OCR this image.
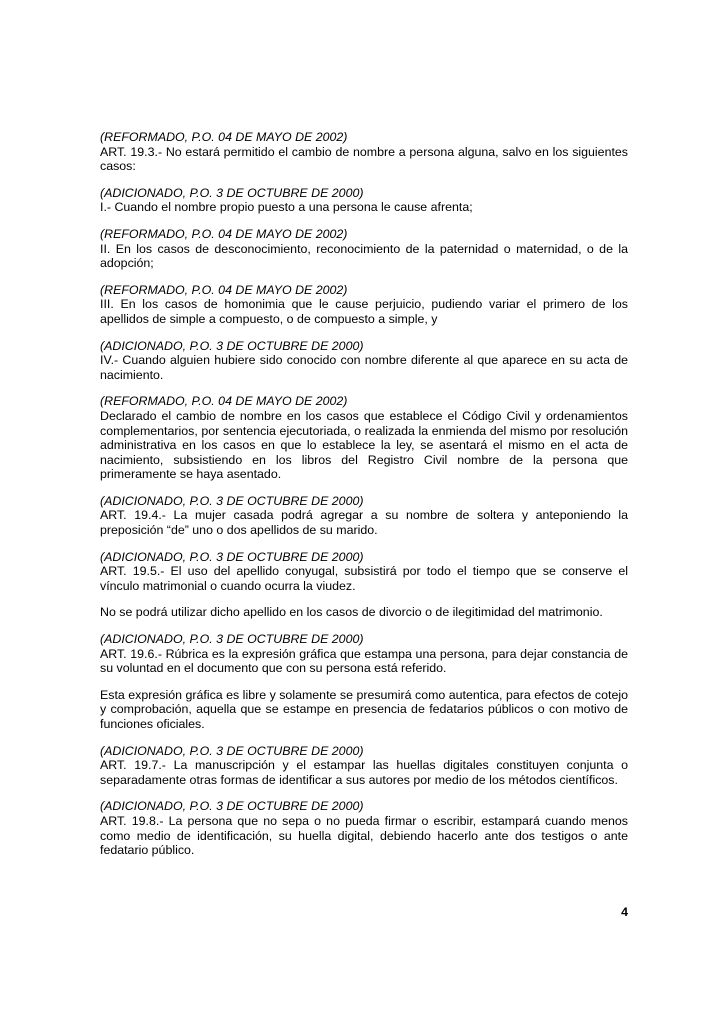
(REFORMADO, P.O. 04 DE MAYO DE 2002)
ART. 19.3.- No estará permitido el cambio de nombre a persona alguna, salvo en los siguientes casos:
(ADICIONADO, P.O. 3 DE OCTUBRE DE 2000)
I.- Cuando el nombre propio puesto a una persona le cause afrenta;
(REFORMADO, P.O. 04 DE MAYO DE 2002)
II. En los casos de desconocimiento, reconocimiento de la paternidad o maternidad, o de la adopción;
(REFORMADO, P.O. 04 DE MAYO DE 2002)
III. En los casos de homonimia que le cause perjuicio, pudiendo variar el primero de los apellidos de simple a compuesto, o de compuesto a simple, y
(ADICIONADO, P.O. 3 DE OCTUBRE DE 2000)
IV.- Cuando alguien hubiere sido conocido con nombre diferente al que aparece en su acta de nacimiento.
(REFORMADO, P.O. 04 DE MAYO DE 2002)
Declarado el cambio de nombre en los casos que establece el Código Civil y ordenamientos complementarios, por sentencia ejecutoriada, o realizada la enmienda del mismo por resolución administrativa en los casos en que lo establece la ley, se asentará el mismo en el acta de nacimiento, subsistiendo en los libros del Registro Civil nombre de la persona que primeramente se haya asentado.
(ADICIONADO, P.O. 3 DE OCTUBRE DE 2000)
ART. 19.4.- La mujer casada podrá agregar a su nombre de soltera y anteponiendo la preposición “de” uno o dos apellidos de su marido.
(ADICIONADO, P.O. 3 DE OCTUBRE DE 2000)
ART. 19.5.- El uso del apellido conyugal, subsistirá por todo el tiempo que se conserve el vínculo matrimonial o cuando ocurra la viudez.
No se podrá utilizar dicho apellido en los casos de divorcio o de ilegitimidad del matrimonio.
(ADICIONADO, P.O. 3 DE OCTUBRE DE 2000)
ART. 19.6.- Rúbrica es la expresión gráfica que estampa una persona, para dejar constancia de su voluntad en el documento que con su persona está referido.
Esta expresión gráfica es libre y solamente se presumirá como autentica, para efectos de cotejo y comprobación, aquella que se estampe en presencia de fedatarios públicos o con motivo de funciones oficiales.
(ADICIONADO, P.O. 3 DE OCTUBRE DE 2000)
ART. 19.7.- La manuscripción y el estampar las huellas digitales constituyen conjunta o separadamente otras formas de identificar a sus autores por medio de los métodos científicos.
(ADICIONADO, P.O. 3 DE OCTUBRE DE 2000)
ART. 19.8.- La persona que no sepa o no pueda firmar o escribir, estampará cuando menos como medio de identificación, su huella digital, debiendo hacerlo ante dos testigos o ante fedatario público.
4
